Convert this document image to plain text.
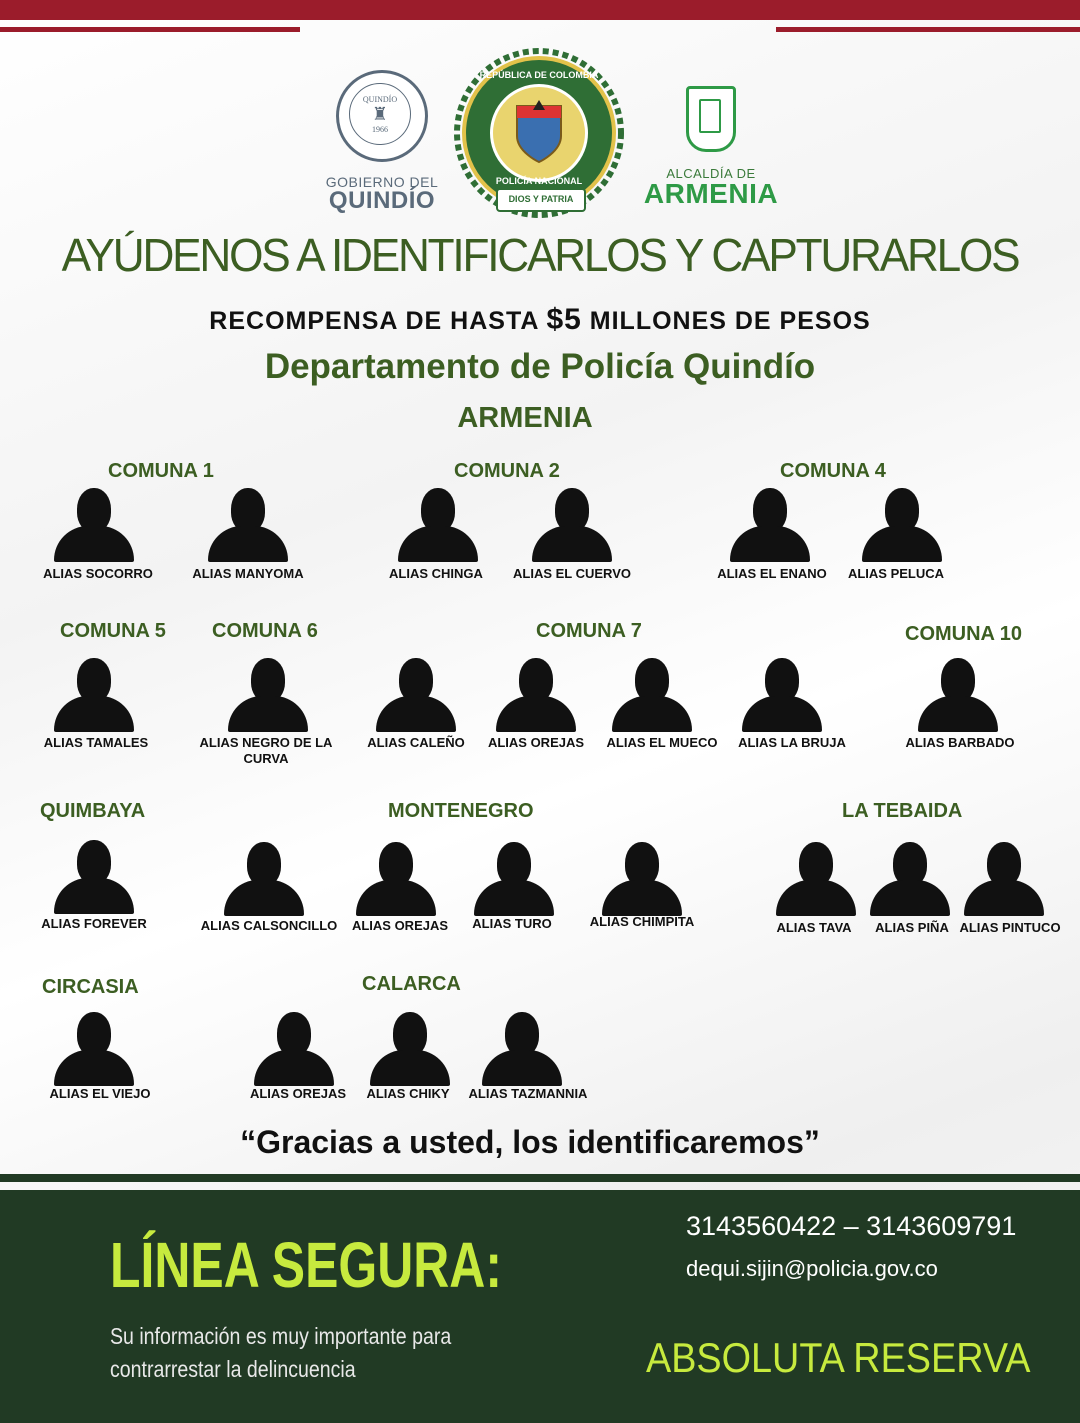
QUINDÍO
♜
1966
GOBIERNO DEL
QUINDÍO
REPÚBLICA DE COLOMBIA
POLICÍA NACIONAL
DIOS Y PATRIA
ALCALDÍA DE
ARMENIA
AYÚDENOS A IDENTIFICARLOS Y CAPTURARLOS
RECOMPENSA DE HASTA $5 MILLONES DE PESOS
Departamento de Policía Quindío
ARMENIA
COMUNA 1	COMUNA 2	COMUNA 4
COMUNA 5 COMUNA 6	COMUNA 7	COMUNA 10
QUIMBAYA	MONTENEGRO	LA TEBAIDA
CIRCASIA	CALARCA
ALIAS SOCORRO	ALIAS MANYOMA	ALIAS CHINGA	ALIAS EL CUERVO	ALIAS EL ENANO	ALIAS PELUCA
ALIAS TAMALES	ALIAS NEGRO DE LA CURVA
ALIAS CALEÑO	ALIAS OREJAS	ALIAS EL MUECO	ALIAS LA BRUJA	ALIAS BARBADO
ALIAS FOREVER	ALIAS CALSONCILLO	ALIAS OREJAS	ALIAS TURO	ALIAS CHIMPITA	ALIAS TAVA	ALIAS PIÑA ALIAS PINTUCO
ALIAS EL VIEJO	ALIAS OREJAS	ALIAS CHIKY	ALIAS TAZMANNIA
“Gracias a usted, los identificaremos”
LÍNEA SEGURA:
Su información es muy importante para
contrarrestar la delincuencia
3143560422 – 3143609791
dequi.sijin@policia.gov.co
ABSOLUTA RESERVA
